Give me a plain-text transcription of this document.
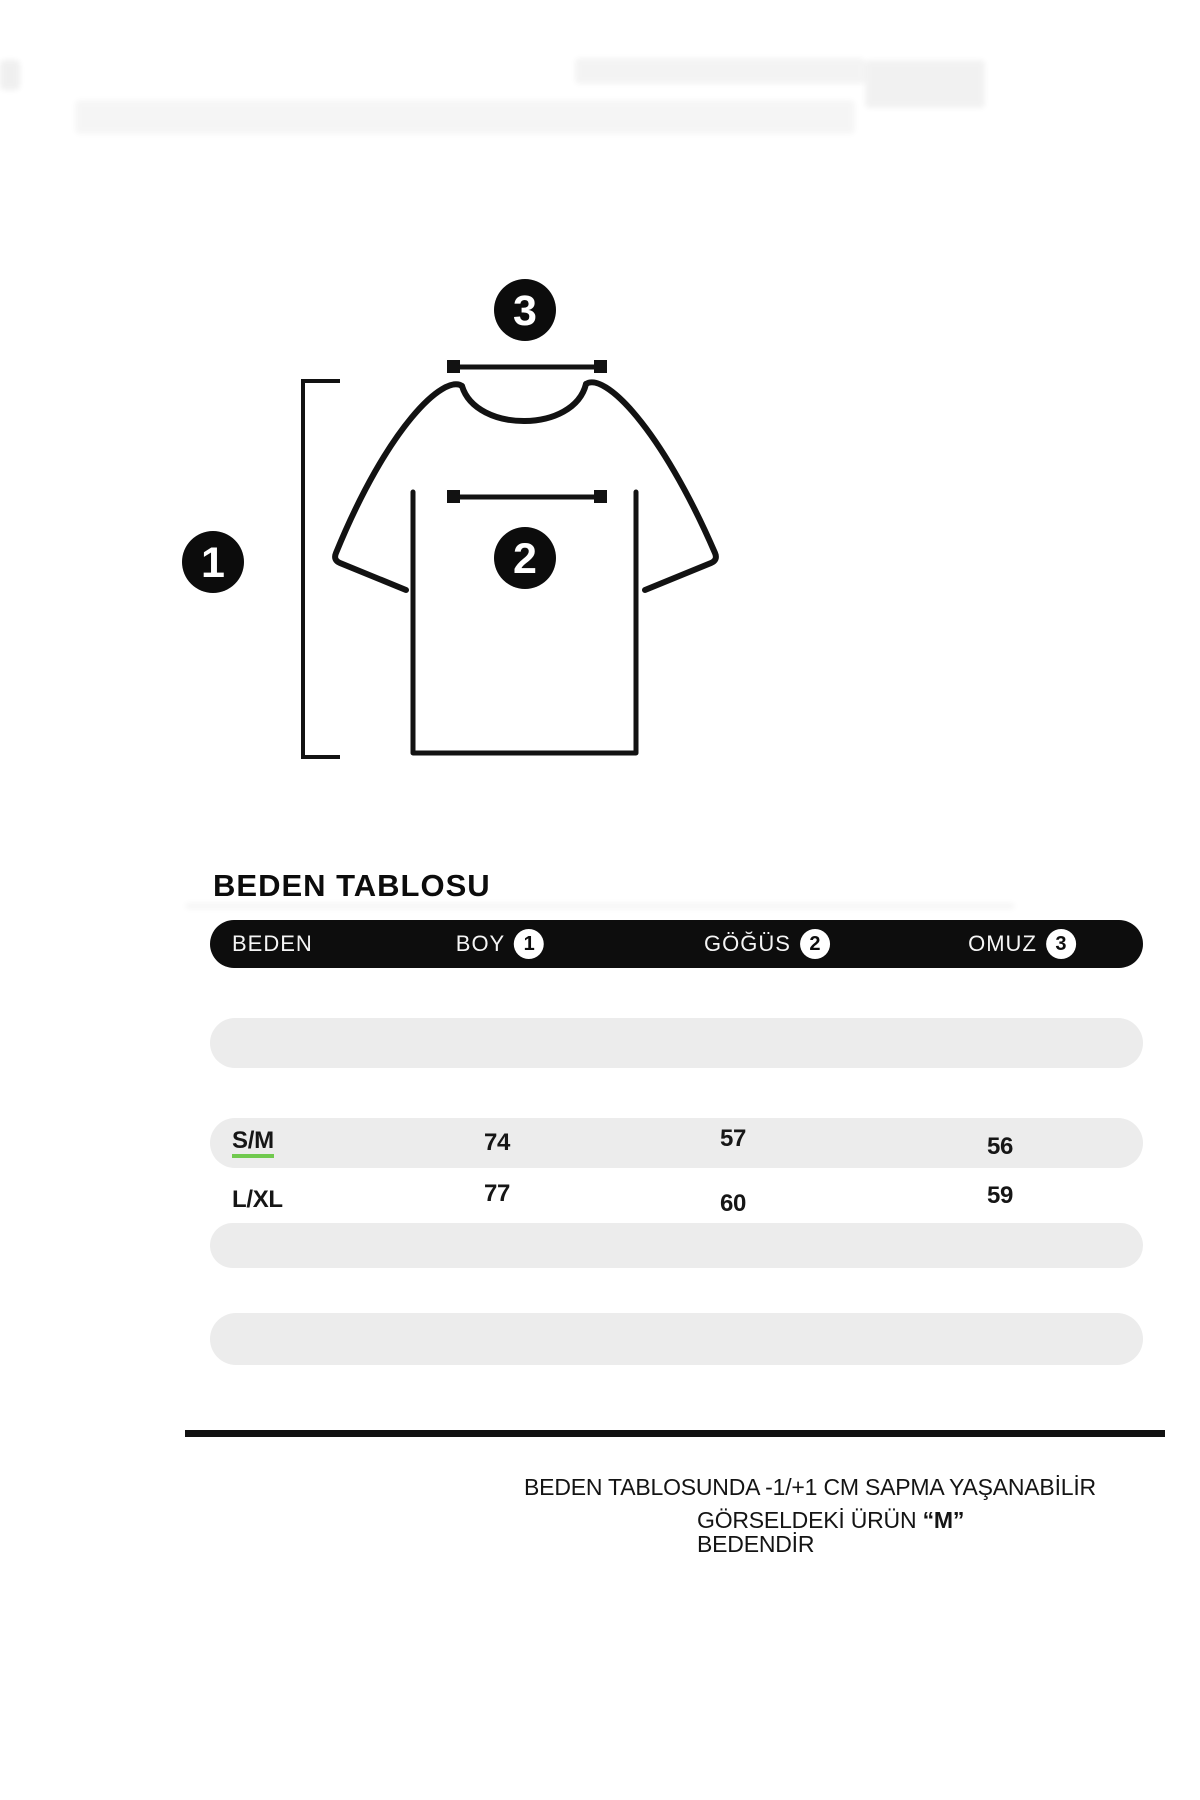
3
1	2
BEDEN TABLOSU
BEDEN	BOY 1	GÖĞÜS 2	OMUZ 3
S/M	74	57	56
L/XL	77	60	59
BEDEN TABLOSUNDA -1/+1 CM SAPMA YAŞANABİLİR
GÖRSELDEKİ ÜRÜN “M”
BEDENDİR
